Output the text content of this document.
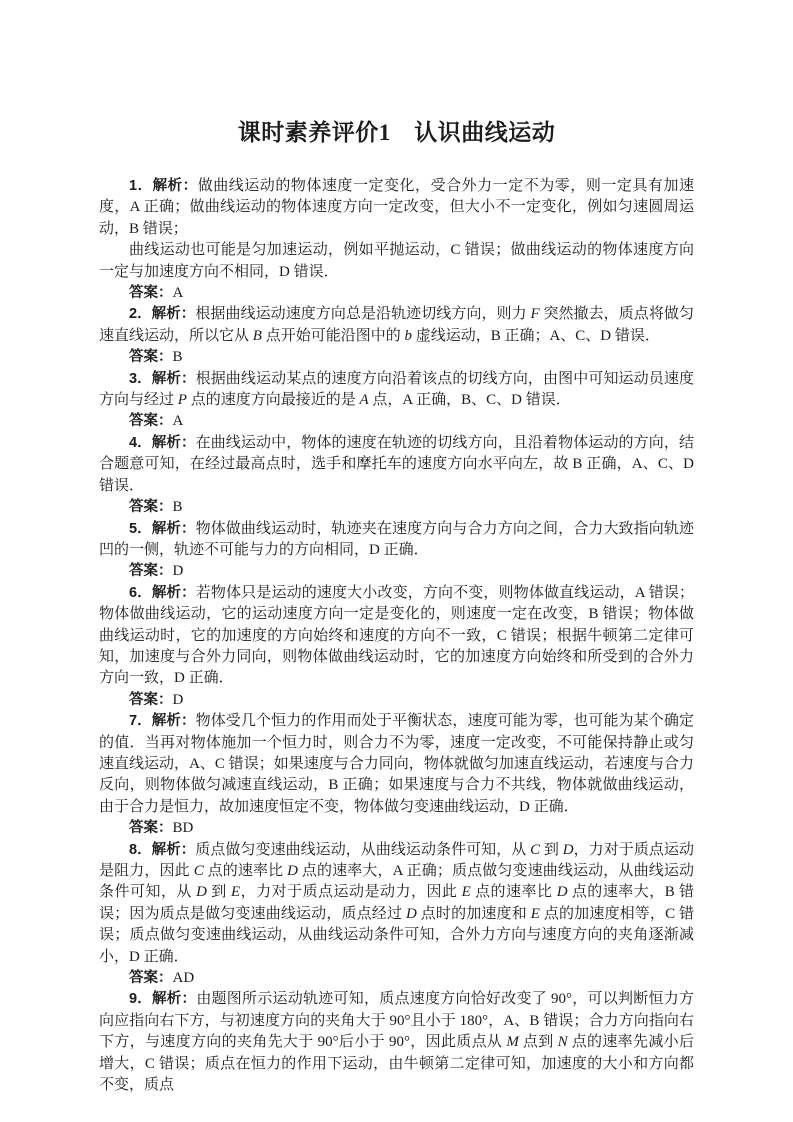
课时素养评价1　认识曲线运动

1．解析：做曲线运动的物体速度一定变化，受合外力一定不为零，则一定具有加速度，A 正确；做曲线运动的物体速度方向一定改变，但大小不一定变化，例如匀速圆周运动，B 错误；

曲线运动也可能是匀加速运动，例如平抛运动，C 错误；做曲线运动的物体速度方向一定与加速度方向不相同，D 错误．

答案：A

2．解析：根据曲线运动速度方向总是沿轨迹切线方向，则力 F 突然撤去，质点将做匀速直线运动，所以它从 B 点开始可能沿图中的 b 虚线运动，B 正确；A、C、D 错误．

答案：B

3．解析：根据曲线运动某点的速度方向沿着该点的切线方向，由图中可知运动员速度方向与经过 P 点的速度方向最接近的是 A 点，A 正确，B、C、D 错误．

答案：A

4．解析：在曲线运动中，物体的速度在轨迹的切线方向，且沿着物体运动的方向，结合题意可知，在经过最高点时，选手和摩托车的速度方向水平向左，故 B 正确，A、C、D 错误．

答案：B

5．解析：物体做曲线运动时，轨迹夹在速度方向与合力方向之间，合力大致指向轨迹凹的一侧，轨迹不可能与力的方向相同，D 正确．

答案：D

6．解析：若物体只是运动的速度大小改变，方向不变，则物体做直线运动，A 错误；物体做曲线运动，它的运动速度方向一定是变化的，则速度一定在改变，B 错误；物体做曲线运动时，它的加速度的方向始终和速度的方向不一致，C 错误；根据牛顿第二定律可知，加速度与合外力同向，则物体做曲线运动时，它的加速度方向始终和所受到的合外力方向一致，D 正确．

答案：D

7．解析：物体受几个恒力的作用而处于平衡状态，速度可能为零，也可能为某个确定的值．当再对物体施加一个恒力时，则合力不为零，速度一定改变，不可能保持静止或匀速直线运动，A、C 错误；如果速度与合力同向，物体就做匀加速直线运动，若速度与合力反向，则物体做匀减速直线运动，B 正确；如果速度与合力不共线，物体就做曲线运动，由于合力是恒力，故加速度恒定不变，物体做匀变速曲线运动，D 正确．

答案：BD

8．解析：质点做匀变速曲线运动，从曲线运动条件可知，从 C 到 D，力对于质点运动是阻力，因此 C 点的速率比 D 点的速率大，A 正确；质点做匀变速曲线运动，从曲线运动条件可知，从 D 到 E，力对于质点运动是动力，因此 E 点的速率比 D 点的速率大，B 错误；因为质点是做匀变速曲线运动，质点经过 D 点时的加速度和 E 点的加速度相等，C 错误；质点做匀变速曲线运动，从曲线运动条件可知，合外力方向与速度方向的夹角逐渐减小，D 正确．

答案：AD

9．解析：由题图所示运动轨迹可知，质点速度方向恰好改变了 90°，可以判断恒力方向应指向右下方，与初速度方向的夹角大于 90°且小于 180°，A、B 错误；合力方向指向右下方，与速度方向的夹角先大于 90°后小于 90°，因此质点从 M 点到 N 点的速率先减小后增大，C 错误；质点在恒力的作用下运动，由牛顿第二定律可知，加速度的大小和方向都不变，质点
